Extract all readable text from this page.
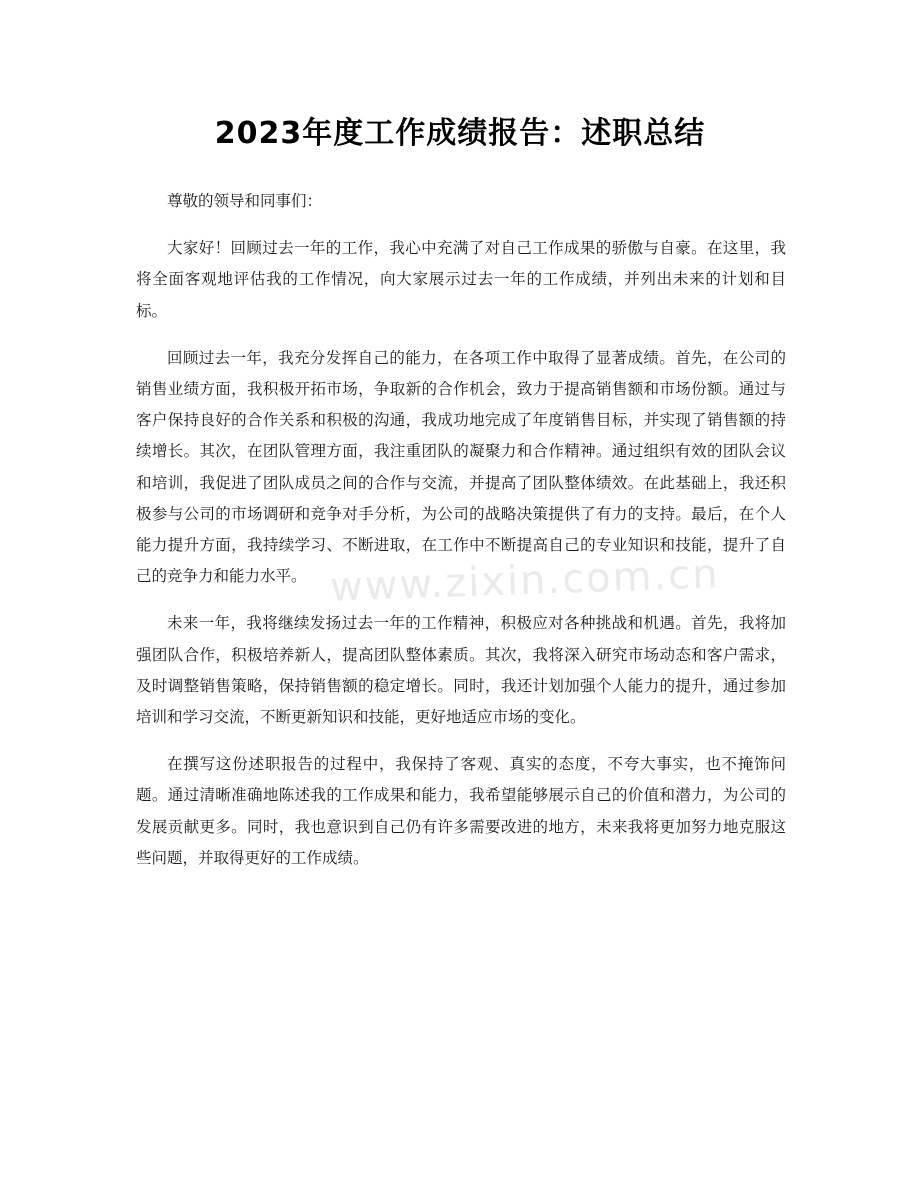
2023年度工作成绩报告：述职总结

尊敬的领导和同事们：

大家好！回顾过去一年的工作，我心中充满了对自己工作成果的骄傲与自豪。在这里，我将全面客观地评估我的工作情况，向大家展示过去一年的工作成绩，并列出未来的计划和目标。

回顾过去一年，我充分发挥自己的能力，在各项工作中取得了显著成绩。首先，在公司的销售业绩方面，我积极开拓市场，争取新的合作机会，致力于提高销售额和市场份额。通过与客户保持良好的合作关系和积极的沟通，我成功地完成了年度销售目标，并实现了销售额的持续增长。其次，在团队管理方面，我注重团队的凝聚力和合作精神。通过组织有效的团队会议和培训，我促进了团队成员之间的合作与交流，并提高了团队整体绩效。在此基础上，我还积极参与公司的市场调研和竞争对手分析，为公司的战略决策提供了有力的支持。最后，在个人能力提升方面，我持续学习、不断进取，在工作中不断提高自己的专业知识和技能，提升了自己的竞争力和能力水平。

未来一年，我将继续发扬过去一年的工作精神，积极应对各种挑战和机遇。首先，我将加强团队合作，积极培养新人，提高团队整体素质。其次，我将深入研究市场动态和客户需求，及时调整销售策略，保持销售额的稳定增长。同时，我还计划加强个人能力的提升，通过参加培训和学习交流，不断更新知识和技能，更好地适应市场的变化。

在撰写这份述职报告的过程中，我保持了客观、真实的态度，不夸大事实，也不掩饰问题。通过清晰准确地陈述我的工作成果和能力，我希望能够展示自己的价值和潜力，为公司的发展贡献更多。同时，我也意识到自己仍有许多需要改进的地方，未来我将更加努力地克服这些问题，并取得更好的工作成绩。

www.zixin.com.cn
